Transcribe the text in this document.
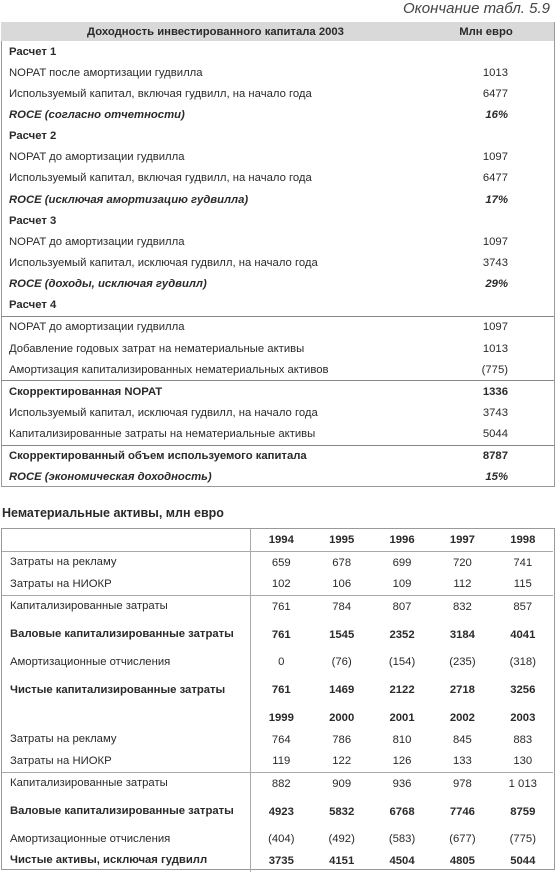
Окончание табл. 5.9
Доходность инвестированного капитала 2003	Млн евро
Расчет 1	
NOPAT после амортизации гудвилла	1013
Используемый капитал, включая гудвилл, на начало года	6477
ROCE (согласно отчетности)	16%
Расчет 2	
NOPAT до амортизации гудвилла	1097
Используемый капитал, включая гудвилл, на начало года	6477
ROCE (исключая амортизацию гудвилла)	17%
Расчет 3	
NOPAT до амортизации гудвилла	1097
Используемый капитал, исключая гудвилл, на начало года	3743
ROCE (доходы, исключая гудвилл)	29%
Расчет 4	
NOPAT до амортизации гудвилла	1097
Добавление годовых затрат на нематериальные активы	1013
Амортизация капитализированных нематериальных активов	(775)
Скорректированная NOPAT	1336
Используемый капитал, исключая гудвилл, на начало года	3743
Капитализированные затраты на нематериальные активы	5044
Скорректированный объем используемого капитала	8787
ROCE (экономическая доходность)	15%
Нематериальные активы, млн евро
	1994	1995	1996	1997	1998

Затраты на рекламу	659	678	699	720	741

Затраты на НИОКР	102	106	109	112	115

Капитализированные затраты	761	784	807	832	857

Валовые капитализированные затраты	761	1545	2352	3184	4041

Амортизационные отчисления	0	(76)	(154)	(235)	(318)

Чистые капитализированные затраты	761	1469	2122	2718	3256
	1999	2000	2001	2002	2003

Затраты на рекламу	764	786	810	845	883

Затраты на НИОКР	119	122	126	133	130

Капитализированные затраты	882	909	936	978	1 013

Валовые капитализированные затраты	4923	5832	6768	7746	8759

Амортизационные отчисления	(404)	(492)	(583)	(677)	(775)

Чистые активы, исключая гудвилл	3735	4151	4504	4805	5044
